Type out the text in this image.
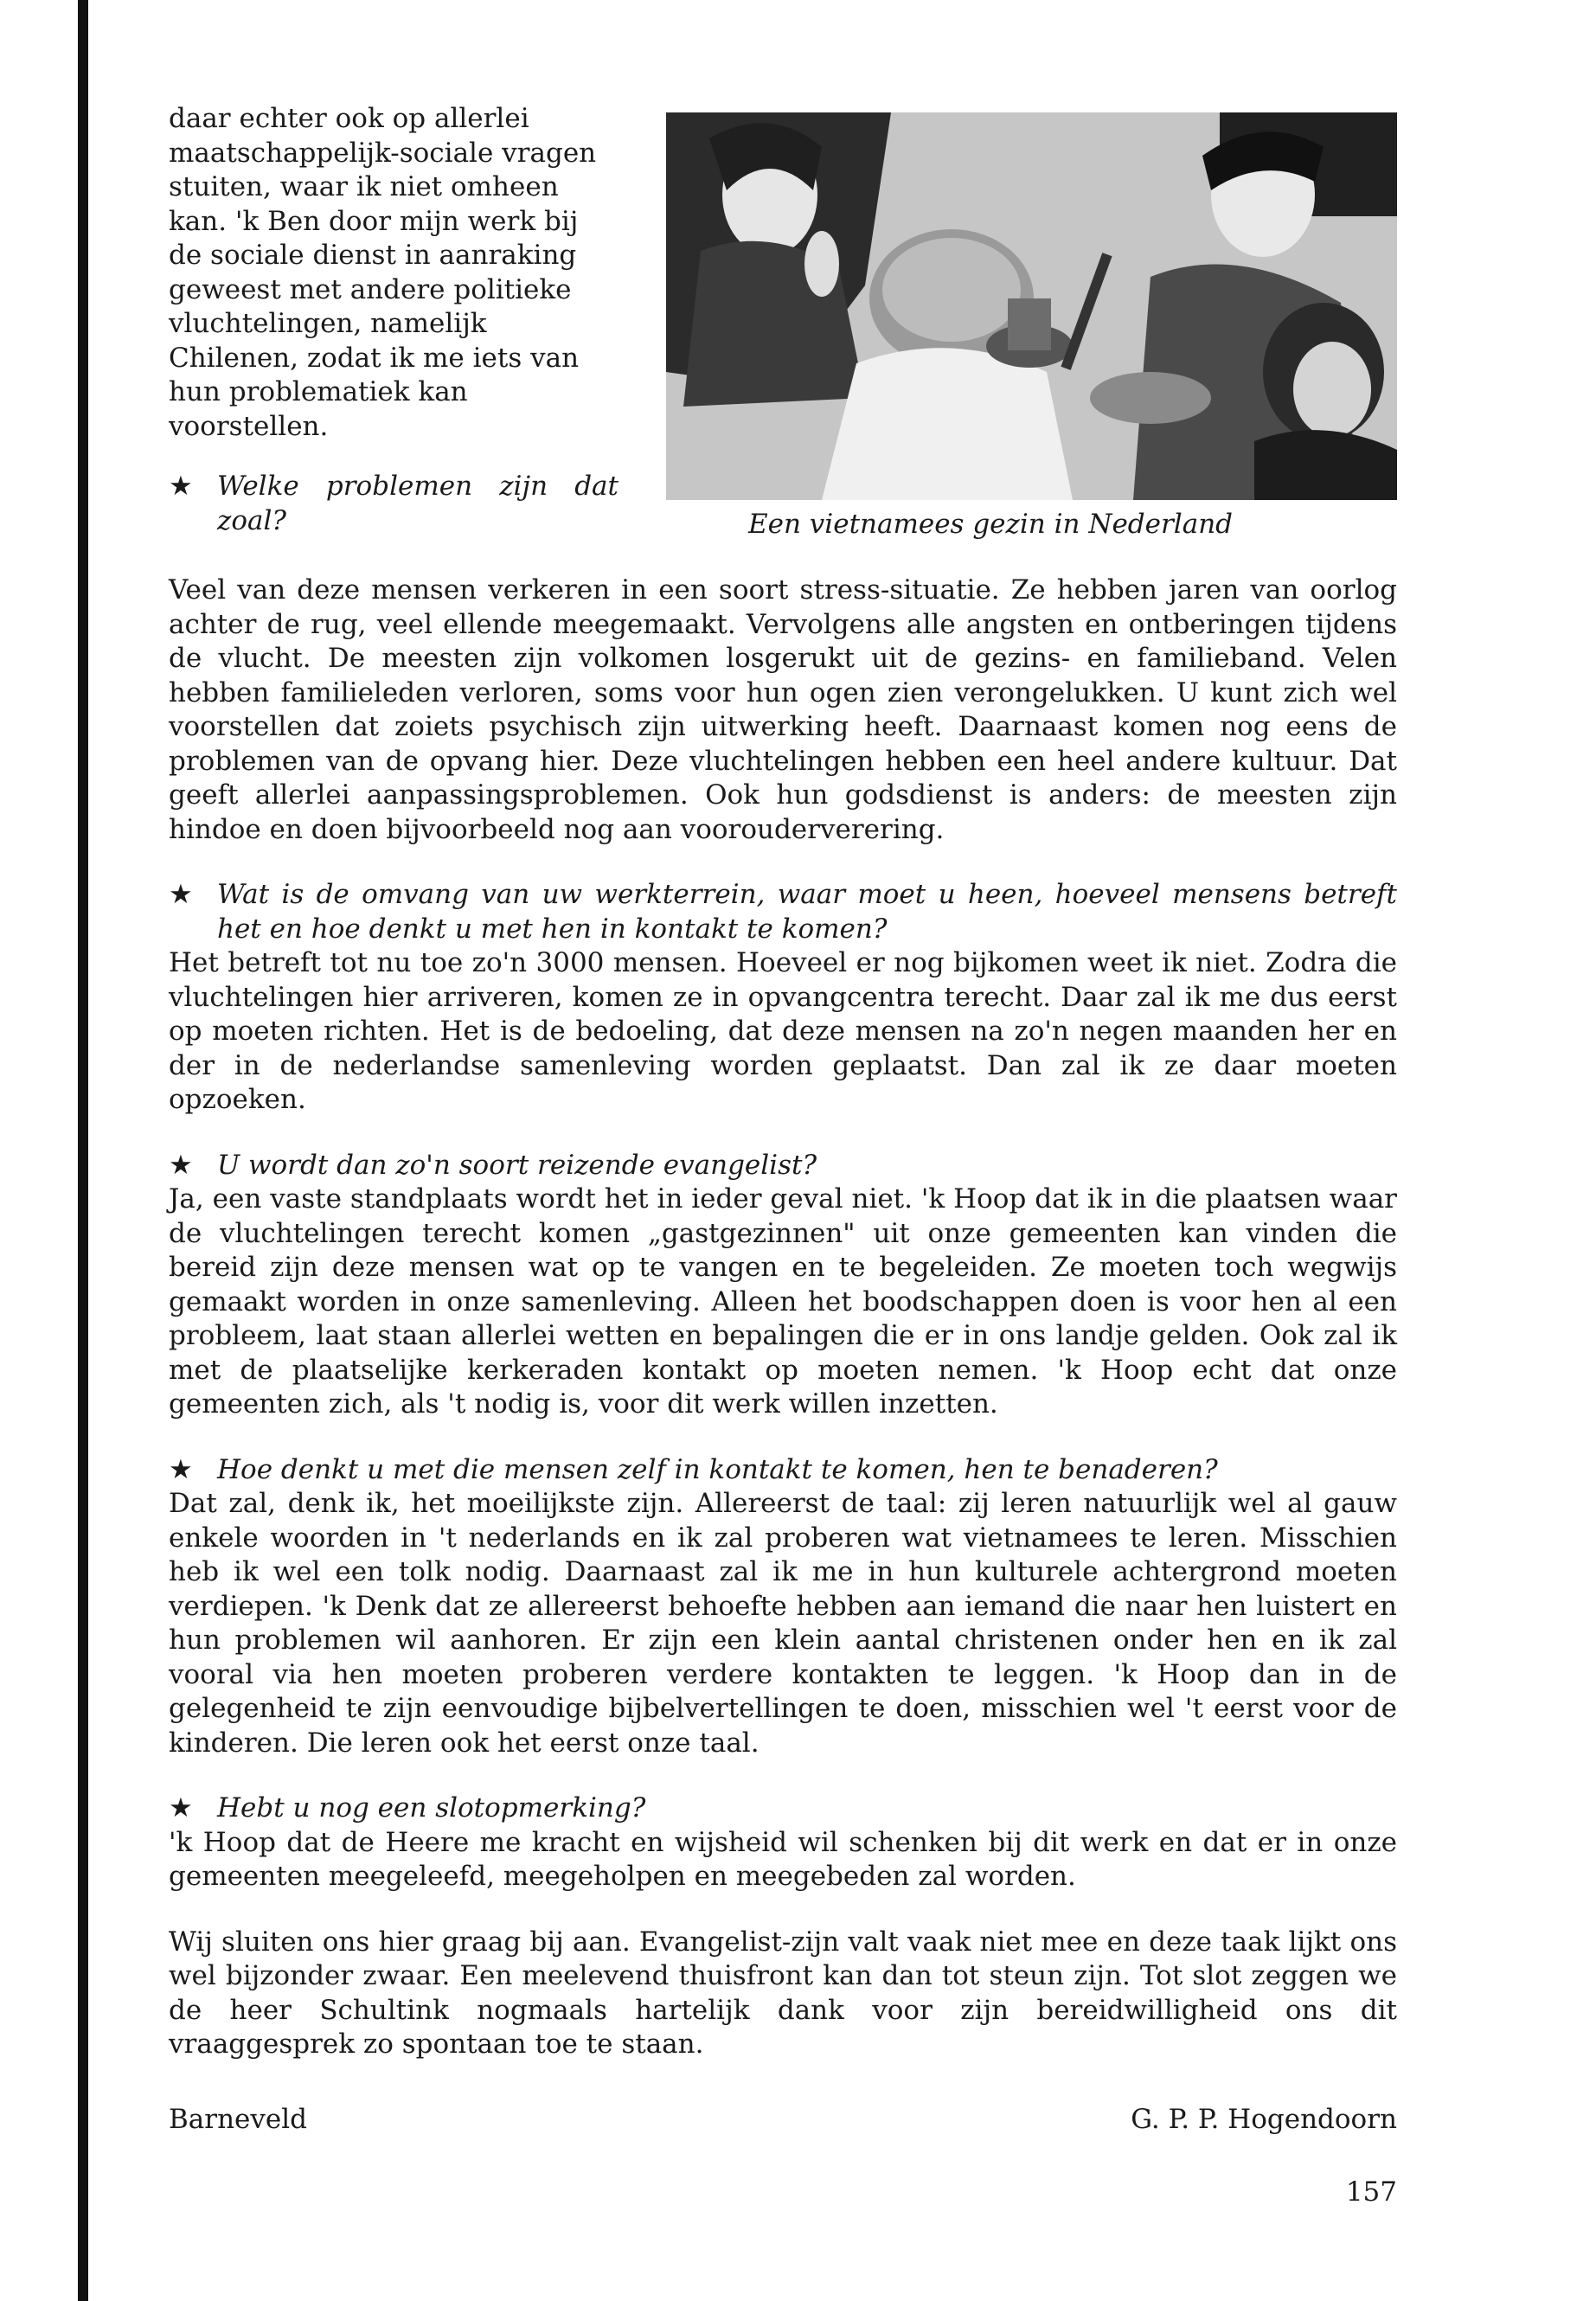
Een vietnamees gezin in Nederland

daar echter ook op allerlei maatschappelijk-sociale vragen stuiten, waar ik niet omheen kan. 'k Ben door mijn werk bij de sociale dienst in aanraking geweest met andere politieke vluchtelingen, namelijk Chilenen, zodat ik me iets van hun problematiek kan voorstellen.

★ Welke problemen zijn dat zoal?

Veel van deze mensen verkeren in een soort stress-situatie. Ze hebben jaren van oorlog achter de rug, veel ellende meegemaakt. Vervolgens alle angsten en ontberingen tijdens de vlucht. De meesten zijn volkomen losgerukt uit de gezins- en familieband. Velen hebben familieleden verloren, soms voor hun ogen zien verongelukken. U kunt zich wel voorstellen dat zoiets psychisch zijn uitwerking heeft. Daarnaast komen nog eens de problemen van de opvang hier. Deze vluchtelingen hebben een heel andere kultuur. Dat geeft allerlei aanpassingsproblemen. Ook hun godsdienst is anders: de meesten zijn hindoe en doen bijvoorbeeld nog aan voorouderverering.

★ Wat is de omvang van uw werkterrein, waar moet u heen, hoeveel mensens betreft het en hoe denkt u met hen in kontakt te komen?

Het betreft tot nu toe zo'n 3000 mensen. Hoeveel er nog bijkomen weet ik niet. Zodra die vluchtelingen hier arriveren, komen ze in opvangcentra terecht. Daar zal ik me dus eerst op moeten richten. Het is de bedoeling, dat deze mensen na zo'n negen maanden her en der in de nederlandse samenleving worden geplaatst. Dan zal ik ze daar moeten opzoeken.

★ U wordt dan zo'n soort reizende evangelist?

Ja, een vaste standplaats wordt het in ieder geval niet. 'k Hoop dat ik in die plaatsen waar de vluchtelingen terecht komen „gastgezinnen" uit onze gemeenten kan vinden die bereid zijn deze mensen wat op te vangen en te begeleiden. Ze moeten toch wegwijs gemaakt worden in onze samenleving. Alleen het boodschappen doen is voor hen al een probleem, laat staan allerlei wetten en bepalingen die er in ons landje gelden. Ook zal ik met de plaatselijke kerkeraden kontakt op moeten nemen. 'k Hoop echt dat onze gemeenten zich, als 't nodig is, voor dit werk willen inzetten.

★ Hoe denkt u met die mensen zelf in kontakt te komen, hen te benaderen?

Dat zal, denk ik, het moeilijkste zijn. Allereerst de taal: zij leren natuurlijk wel al gauw enkele woorden in 't nederlands en ik zal proberen wat vietnamees te leren. Misschien heb ik wel een tolk nodig. Daarnaast zal ik me in hun kulturele achtergrond moeten verdiepen. 'k Denk dat ze allereerst behoefte hebben aan iemand die naar hen luistert en hun problemen wil aanhoren. Er zijn een klein aantal christenen onder hen en ik zal vooral via hen moeten proberen verdere kontakten te leggen. 'k Hoop dan in de gelegenheid te zijn eenvoudige bijbelvertellingen te doen, misschien wel 't eerst voor de kinderen. Die leren ook het eerst onze taal.

★ Hebt u nog een slotopmerking?

'k Hoop dat de Heere me kracht en wijsheid wil schenken bij dit werk en dat er in onze gemeenten meegeleefd, meegeholpen en meegebeden zal worden.

Wij sluiten ons hier graag bij aan. Evangelist-zijn valt vaak niet mee en deze taak lijkt ons wel bijzonder zwaar. Een meelevend thuisfront kan dan tot steun zijn. Tot slot zeggen we de heer Schultink nogmaals hartelijk dank voor zijn bereidwilligheid ons dit vraaggesprek zo spontaan toe te staan.

Barneveld	G. P. P. Hogendoorn
157
